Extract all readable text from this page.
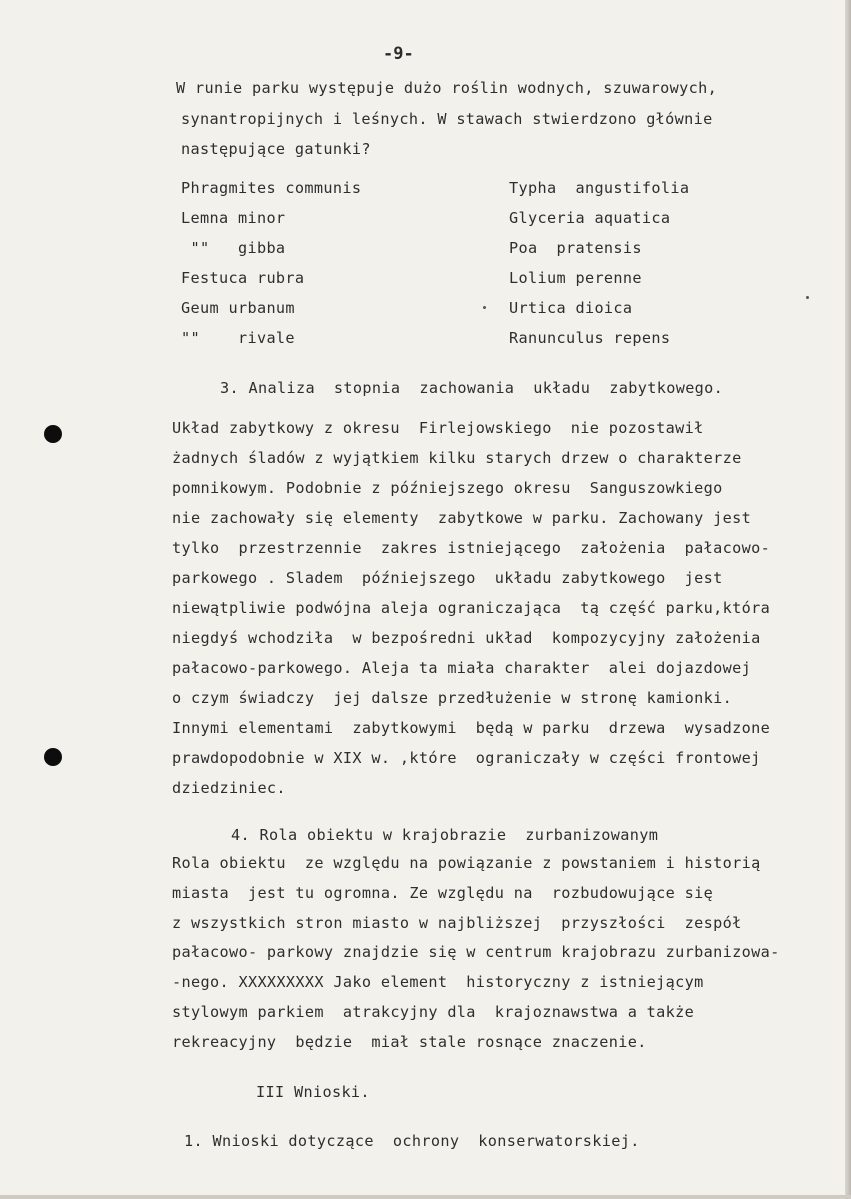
-9-
W runie parku występuje dużo roślin wodnych, szuwarowych,
synantropijnych i leśnych. W stawach stwierdzono głównie
następujące gatunki?
Phragmites communis
Lemna minor
""   gibba
Festuca rubra
Geum urbanum
""    rivale
Typha  angustifolia
Glyceria aquatica
Poa  pratensis
Lolium perenne
Urtica dioica
Ranunculus repens
3. Analiza  stopnia  zachowania  układu  zabytkowego.
Układ zabytkowy z okresu  Firlejowskiego  nie pozostawił
żadnych śladów z wyjątkiem kilku starych drzew o charakterze
pomnikowym. Podobnie z późniejszego okresu  Sanguszowkiego
nie zachowały się elementy  zabytkowe w parku. Zachowany jest
tylko  przestrzennie  zakres istniejącego  założenia  pałacowo-
parkowego . Sladem  późniejszego  układu zabytkowego  jest
niewątpliwie podwójna aleja ograniczająca  tą część parku,która
niegdyś wchodziła  w bezpośredni układ  kompozycyjny założenia
pałacowo-parkowego. Aleja ta miała charakter  alei dojazdowej
o czym świadczy  jej dalsze przedłużenie w stronę kamionki.
Innymi elementami  zabytkowymi  będą w parku  drzewa  wysadzone
prawdopodobnie w XIX w. ,które  ograniczały w części frontowej
dziedziniec.
4. Rola obiektu w krajobrazie  zurbanizowanym
Rola obiektu  ze względu na powiązanie z powstaniem i historią
miasta  jest tu ogromna. Ze względu na  rozbudowujące się
z wszystkich stron miasto w najbliższej  przyszłości  zespół
pałacowo- parkowy znajdzie się w centrum krajobrazu zurbanizowa-
-nego. XXXXXXXXX Jako element  historyczny z istniejącym
stylowym parkiem  atrakcyjny dla  krajoznawstwa a także
rekreacyjny  będzie  miał stale rosnące znaczenie.
III Wnioski.
1. Wnioski dotyczące  ochrony  konserwatorskiej.
